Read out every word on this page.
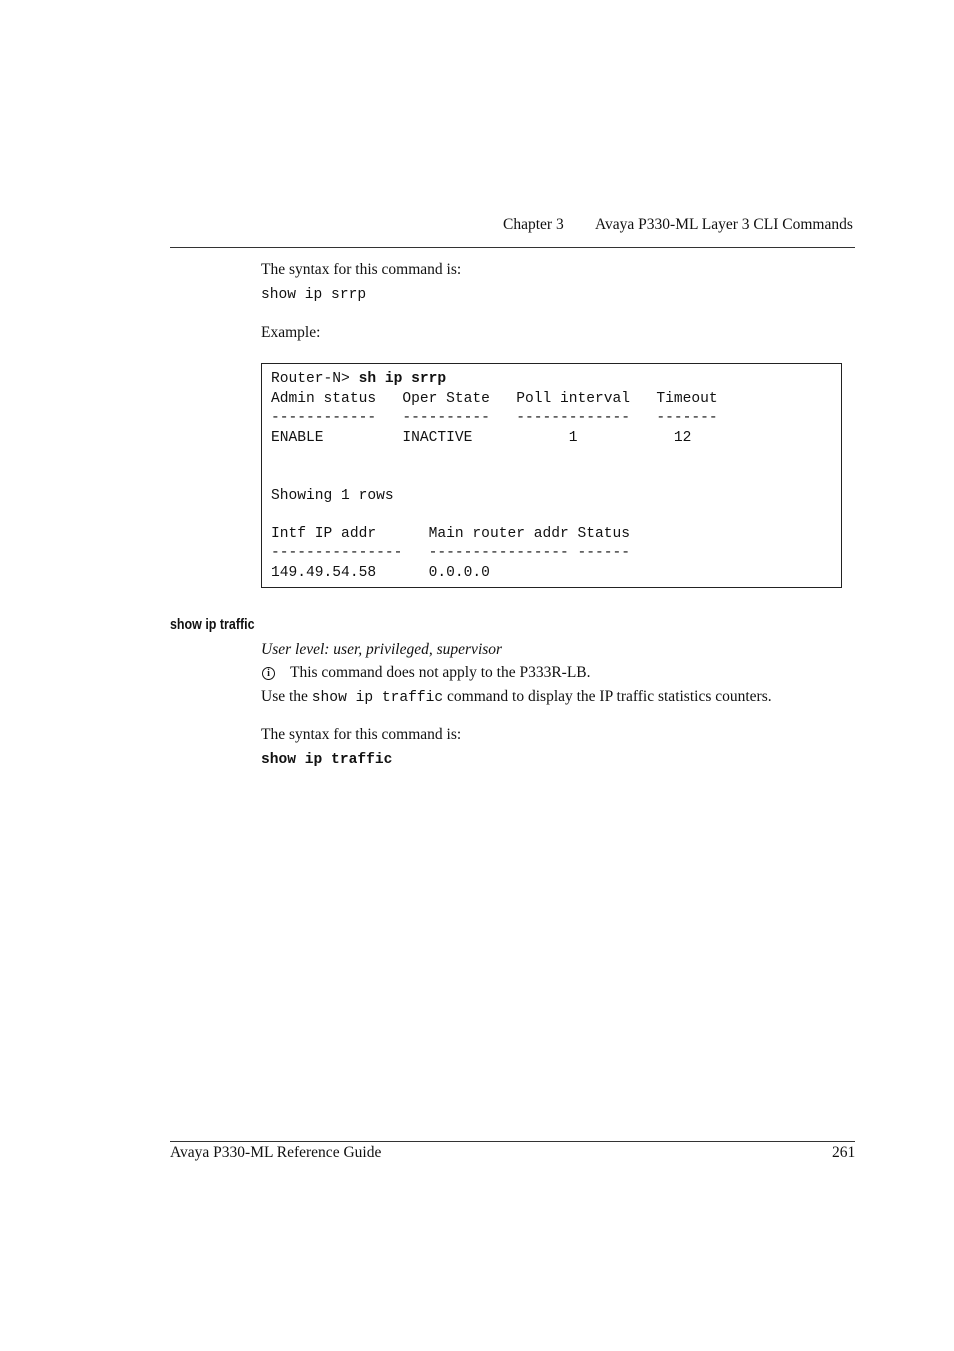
Chapter 3 Avaya P330-ML Layer 3 CLI Commands
The syntax for this command is:
show ip srrp
Example:
Router-N> sh ip srrp
Admin status   Oper State   Poll interval   Timeout
------------   ----------   -------------   -------
ENABLE         INACTIVE           1           12
Showing 1 rows
Intf IP addr      Main router addr Status
---------------   ---------------- ------
149.49.54.58      0.0.0.0
show ip traffic
User level: user, privileged, supervisor
i	This command does not apply to the P333R-LB.
Use the show ip traffic command to display the IP traffic statistics counters.
The syntax for this command is:
show ip traffic
Avaya P330-ML Reference Guide	261
